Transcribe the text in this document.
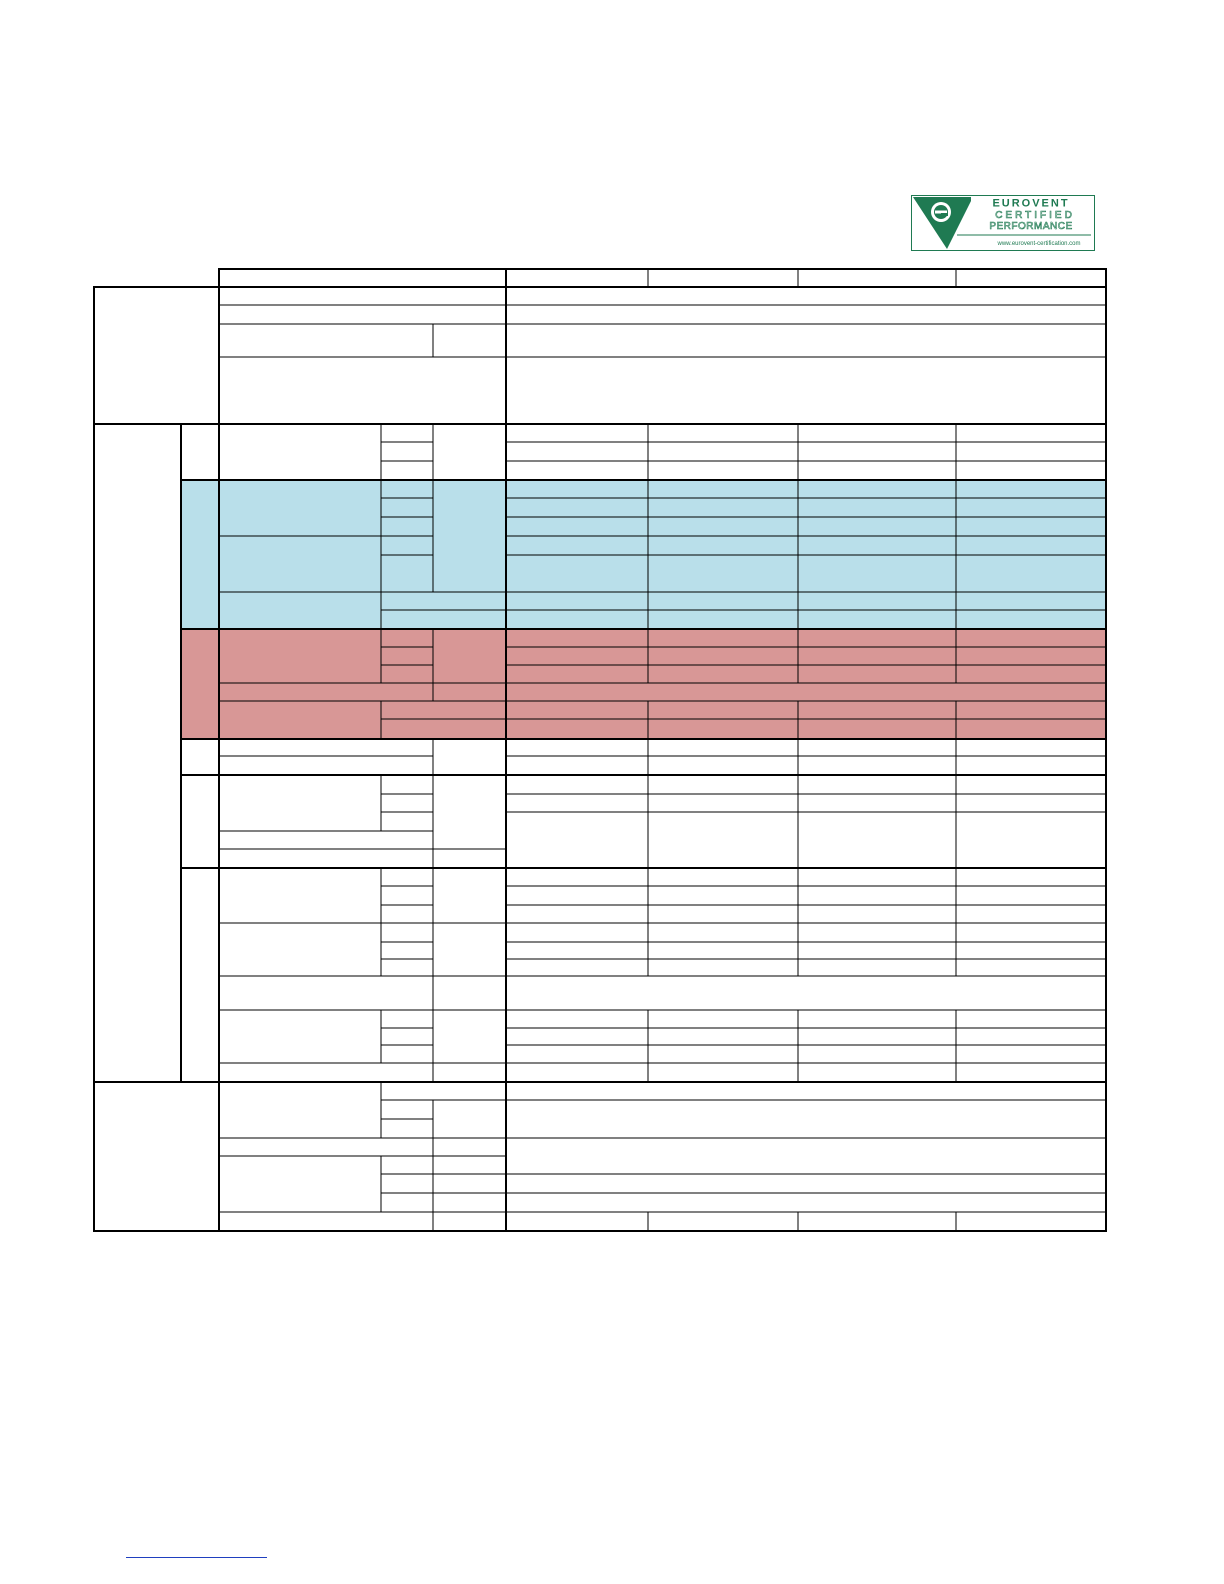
EUROVENT
CERTIFIED
PERFORMANCE
www.eurovent-certification.com
